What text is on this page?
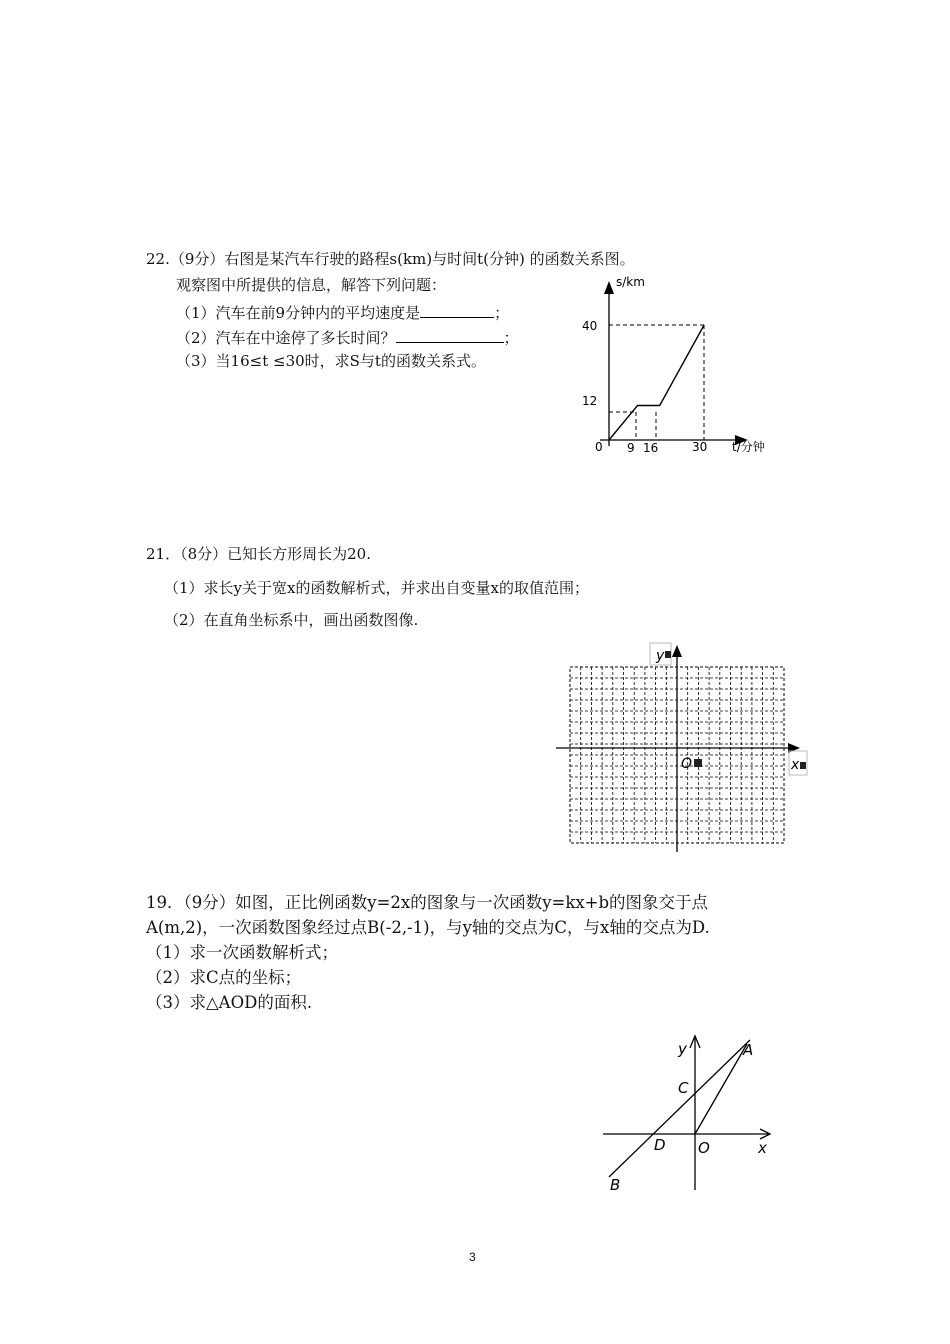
22.（9分）右图是某汽车行驶的路程s(km)与时间t(分钟) 的函数关系图。
观察图中所提供的信息，解答下列问题：
（1）汽车在前9分钟内的平均速度是	；
（2）汽车在中途停了多长时间？	；
（3）当16≤t ≤30时，求S与t的函数关系式。
s/km
40
12
0 9 16	30 t/分钟
21．（8分）已知长方形周长为20.
（1）求长y关于宽x的函数解析式，并求出自变量x的取值范围；
（2）在直角坐标系中，画出函数图像.
y
x
O
19．（9分）如图，正比例函数y=2x的图象与一次函数y=kx+b的图象交于点
A(m,2)，一次函数图象经过点B(-2,-1)，与y轴的交点为C，与x轴的交点为D.
（1）求一次函数解析式；
（2）求C点的坐标；
（3）求△AOD的面积.
y	A
C
D O	x
B
3
